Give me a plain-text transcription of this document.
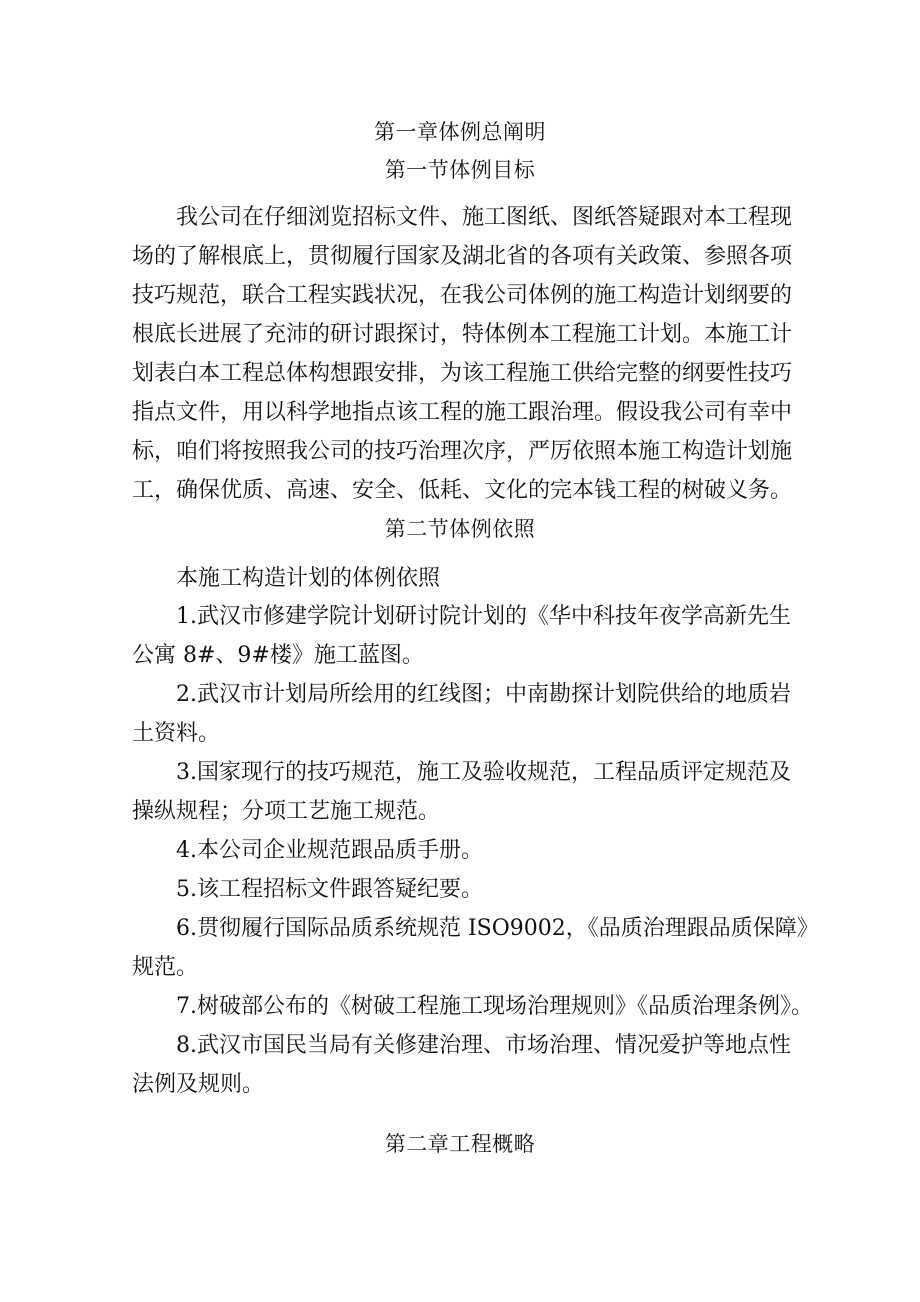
第一章体例总阐明
第一节体例目标
我公司在仔细浏览招标文件、施工图纸、图纸答疑跟对本工程现
场的了解根底上，贯彻履行国家及湖北省的各项有关政策、参照各项
技巧规范，联合工程实践状况，在我公司体例的施工构造计划纲要的
根底长进展了充沛的研讨跟探讨，特体例本工程施工计划。本施工计
划表白本工程总体构想跟安排，为该工程施工供给完整的纲要性技巧
指点文件，用以科学地指点该工程的施工跟治理。假设我公司有幸中
标，咱们将按照我公司的技巧治理次序，严厉依照本施工构造计划施
工，确保优质、高速、安全、低耗、文化的完本钱工程的树破义务。
第二节体例依照
本施工构造计划的体例依照
1.武汉市修建学院计划研讨院计划的《华中科技年夜学高新先生
公寓 8#、9#楼》施工蓝图。
2.武汉市计划局所绘用的红线图；中南勘探计划院供给的地质岩
土资料。
3.国家现行的技巧规范，施工及验收规范，工程品质评定规范及
操纵规程；分项工艺施工规范。
4.本公司企业规范跟品质手册。
5.该工程招标文件跟答疑纪要。
6.贯彻履行国际品质系统规范 ISO9002，《品质治理跟品质保障》
规范。
7.树破部公布的《树破工程施工现场治理规则》《品质治理条例》。
8.武汉市国民当局有关修建治理、市场治理、情况爱护等地点性
法例及规则。
第二章工程概略
